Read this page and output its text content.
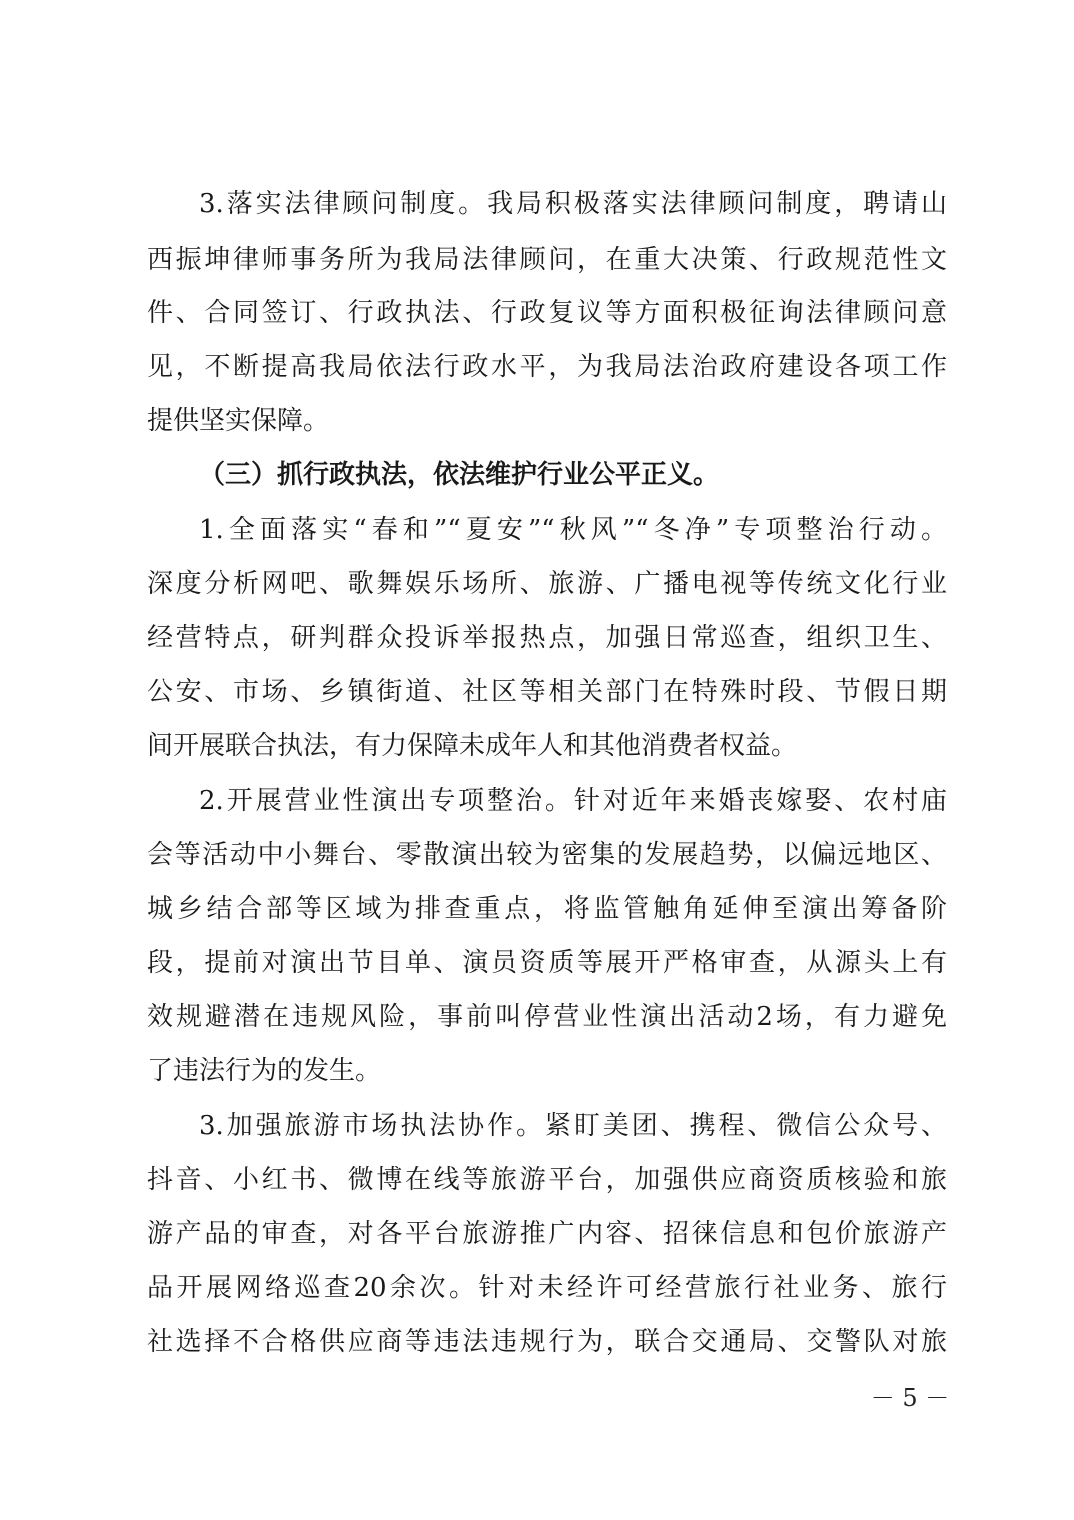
3.落实法律顾问制度。我局积极落实法律顾问制度，聘请山
西振坤律师事务所为我局法律顾问，在重大决策、行政规范性文
件、合同签订、行政执法、行政复议等方面积极征询法律顾问意
见，不断提高我局依法行政水平，为我局法治政府建设各项工作
提供坚实保障。
（三）抓行政执法，依法维护行业公平正义。
1.全面落实“春和”“夏安”“秋风”“冬净”专项整治行动。
深度分析网吧、歌舞娱乐场所、旅游、广播电视等传统文化行业
经营特点，研判群众投诉举报热点，加强日常巡查，组织卫生、
公安、市场、乡镇街道、社区等相关部门在特殊时段、节假日期
间开展联合执法，有力保障未成年人和其他消费者权益。
2.开展营业性演出专项整治。针对近年来婚丧嫁娶、农村庙
会等活动中小舞台、零散演出较为密集的发展趋势，以偏远地区、
城乡结合部等区域为排查重点，将监管触角延伸至演出筹备阶
段，提前对演出节目单、演员资质等展开严格审查，从源头上有
效规避潜在违规风险，事前叫停营业性演出活动2场，有力避免
了违法行为的发生。
3.加强旅游市场执法协作。紧盯美团、携程、微信公众号、
抖音、小红书、微博在线等旅游平台，加强供应商资质核验和旅
游产品的审查，对各平台旅游推广内容、招徕信息和包价旅游产
品开展网络巡查20余次。针对未经许可经营旅行社业务、旅行
社选择不合格供应商等违法违规行为，联合交通局、交警队对旅
－ 5 －
